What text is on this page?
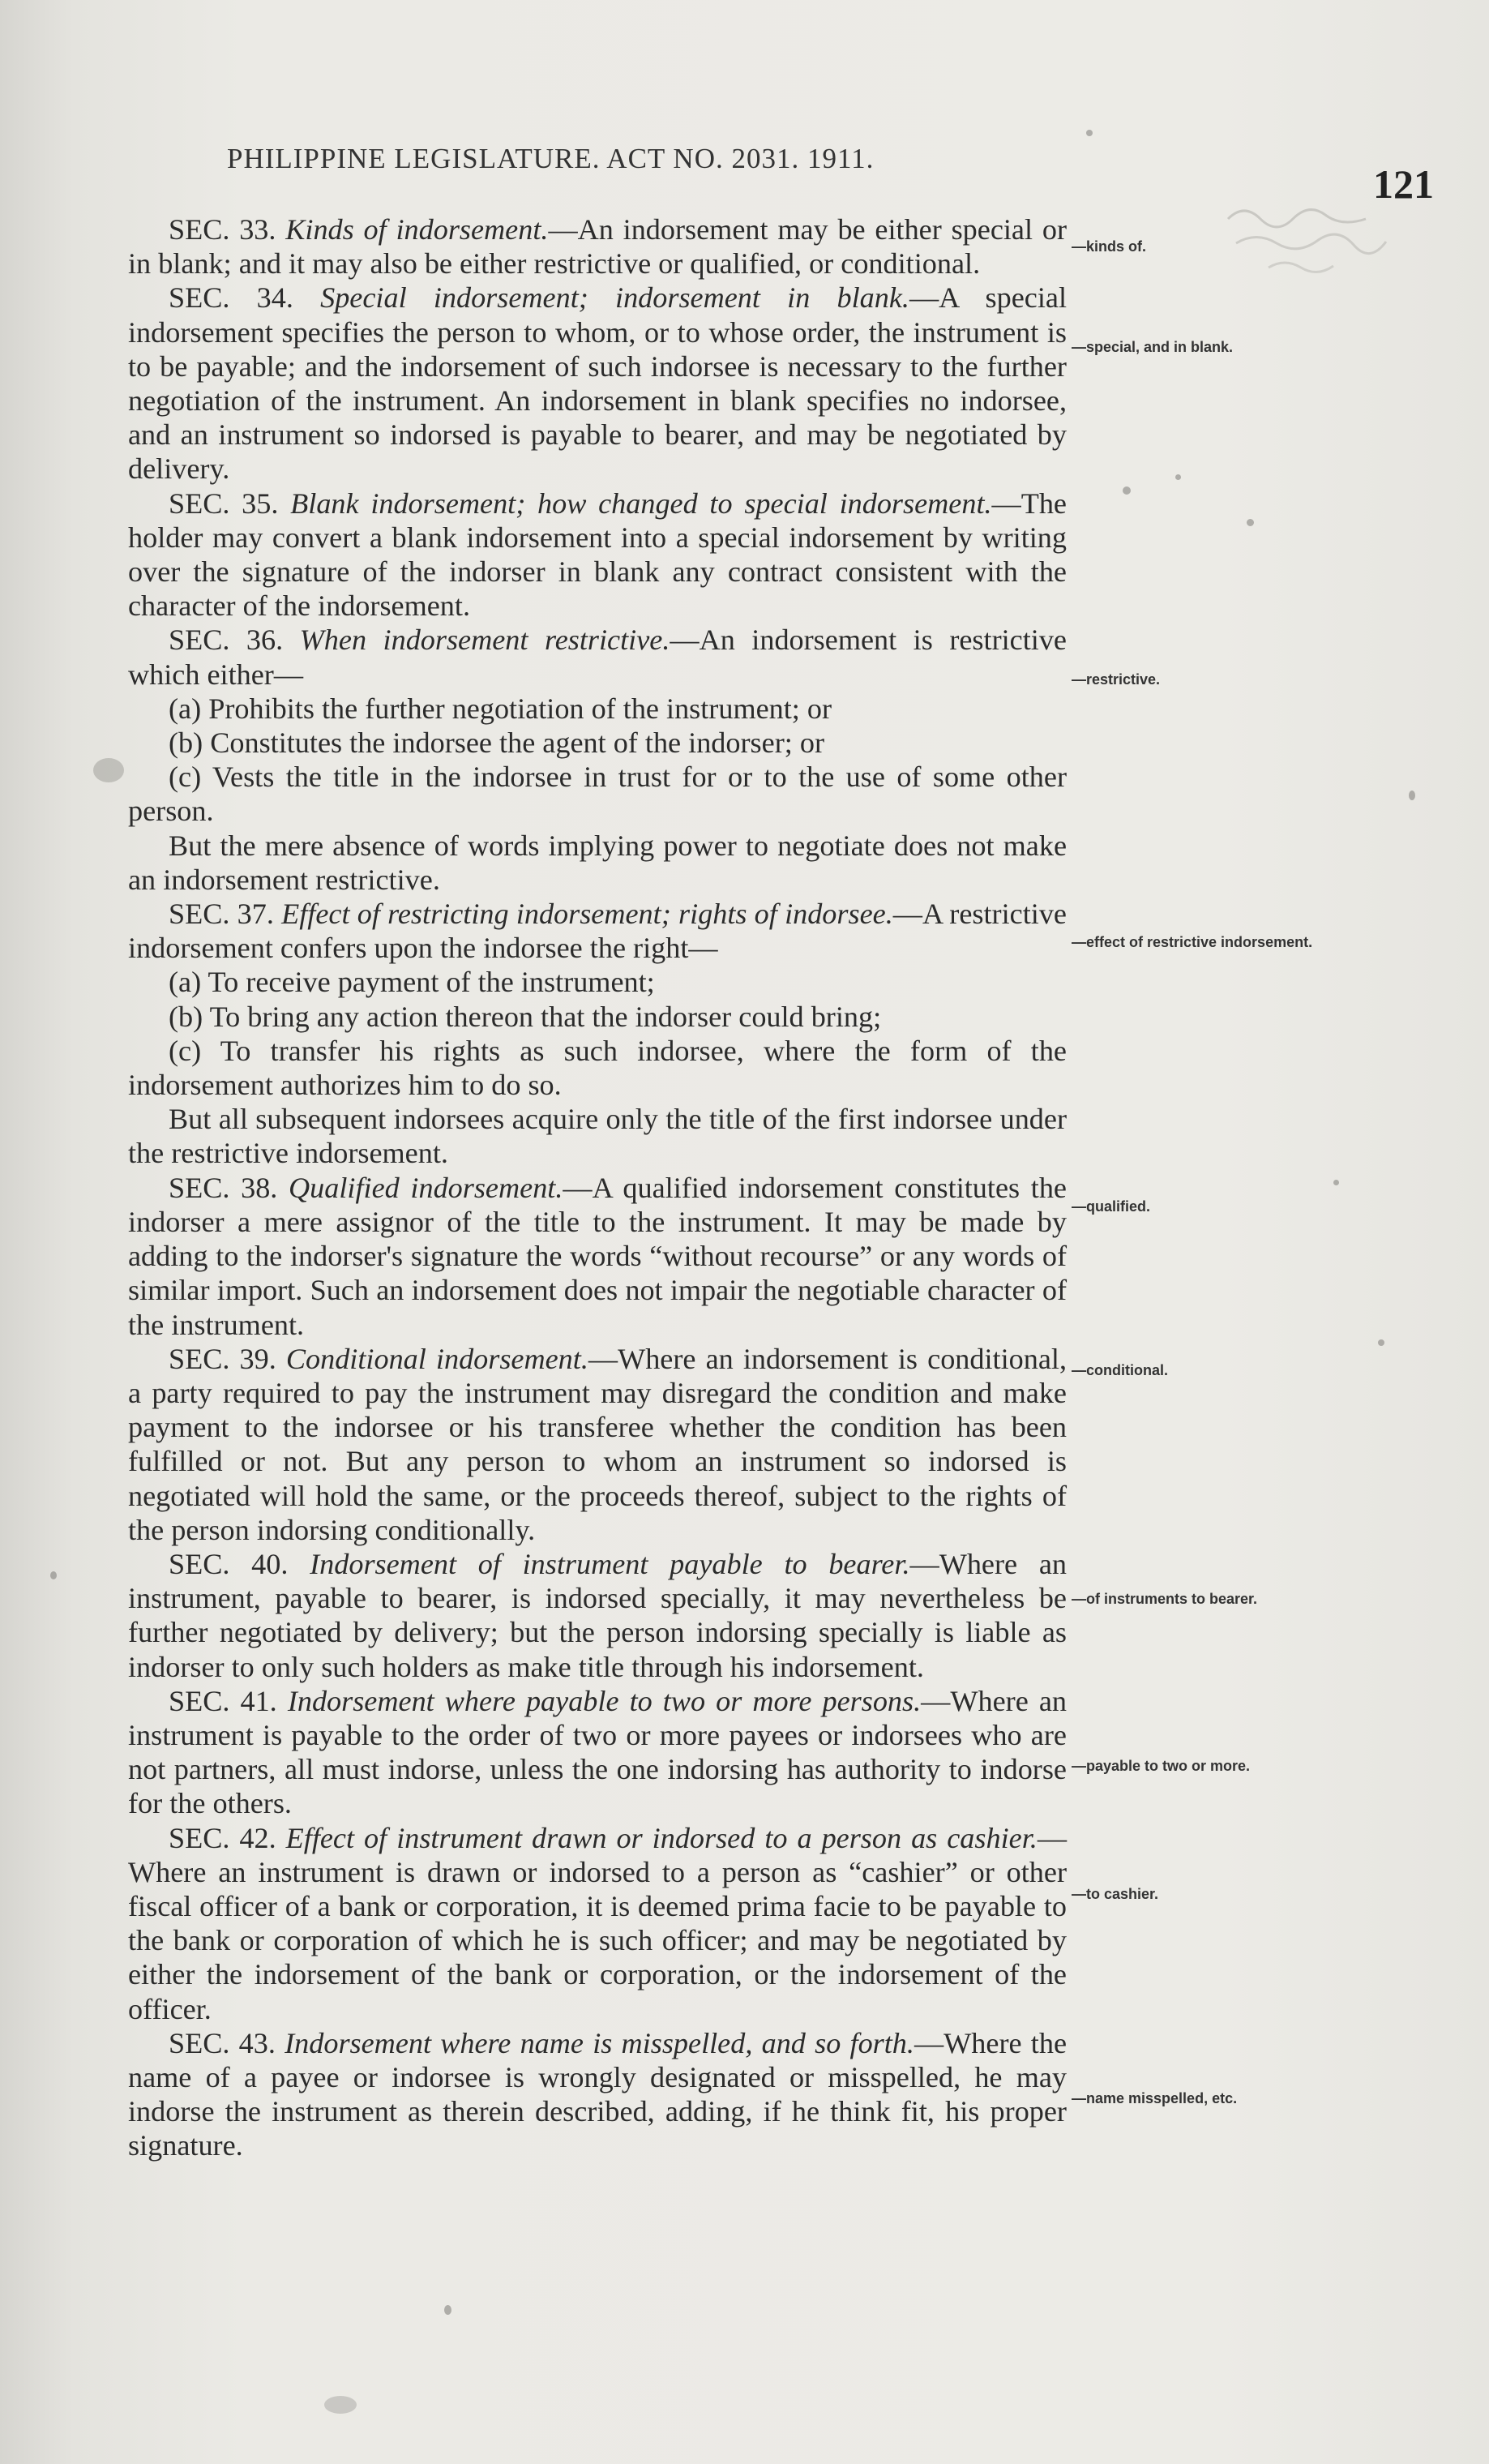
PHILIPPINE LEGISLATURE. ACT NO. 2031. 1911.
121

SEC. 33. Kinds of indorsement.—An indorsement may be either special or in blank; and it may also be either restrictive or qualified, or conditional.

SEC. 34. Special indorsement; indorsement in blank.—A special indorsement specifies the person to whom, or to whose order, the instrument is to be payable; and the indorsement of such indorsee is necessary to the further negotiation of the instrument. An indorsement in blank specifies no indorsee, and an instrument so indorsed is payable to bearer, and may be negotiated by delivery.

SEC. 35. Blank indorsement; how changed to special indorsement.—The holder may convert a blank indorsement into a special indorsement by writing over the signature of the indorser in blank any contract consistent with the character of the indorsement.

SEC. 36. When indorsement restrictive.—An indorsement is restrictive which either—

(a) Prohibits the further negotiation of the instrument; or

(b) Constitutes the indorsee the agent of the indorser; or

(c) Vests the title in the indorsee in trust for or to the use of some other person.

But the mere absence of words implying power to negotiate does not make an indorsement restrictive.

SEC. 37. Effect of restricting indorsement; rights of indorsee.—A restrictive indorsement confers upon the indorsee the right—

(a) To receive payment of the instrument;

(b) To bring any action thereon that the indorser could bring;

(c) To transfer his rights as such indorsee, where the form of the indorsement authorizes him to do so.

But all subsequent indorsees acquire only the title of the first indorsee under the restrictive indorsement.

SEC. 38. Qualified indorsement.—A qualified indorsement constitutes the indorser a mere assignor of the title to the instrument. It may be made by adding to the indorser's signature the words “without recourse” or any words of similar import. Such an indorsement does not impair the negotiable character of the instrument.

SEC. 39. Conditional indorsement.—Where an indorsement is conditional, a party required to pay the instrument may disregard the condition and make payment to the indorsee or his transferee whether the condition has been fulfilled or not. But any person to whom an instrument so indorsed is negotiated will hold the same, or the proceeds thereof, subject to the rights of the person indorsing conditionally.

SEC. 40. Indorsement of instrument payable to bearer.—Where an instrument, payable to bearer, is indorsed specially, it may nevertheless be further negotiated by delivery; but the person indorsing specially is liable as indorser to only such holders as make title through his indorsement.

SEC. 41. Indorsement where payable to two or more persons.—Where an instrument is payable to the order of two or more payees or indorsees who are not partners, all must indorse, unless the one indorsing has authority to indorse for the others.

SEC. 42. Effect of instrument drawn or indorsed to a person as cashier.—Where an instrument is drawn or indorsed to a person as “cashier” or other fiscal officer of a bank or corporation, it is deemed prima facie to be payable to the bank or corporation of which he is such officer; and may be negotiated by either the indorsement of the bank or corporation, or the indorsement of the officer.

SEC. 43. Indorsement where name is misspelled, and so forth.—Where the name of a payee or indorsee is wrongly designated or misspelled, he may indorse the instrument as therein described, adding, if he think fit, his proper signature.

—kinds of.
—special, and in blank.
—restrictive.
—effect of restrictive indorsement.
—qualified.
—conditional.
—of instruments to bearer.
—payable to two or more.
—to cashier.
—name misspelled, etc.
